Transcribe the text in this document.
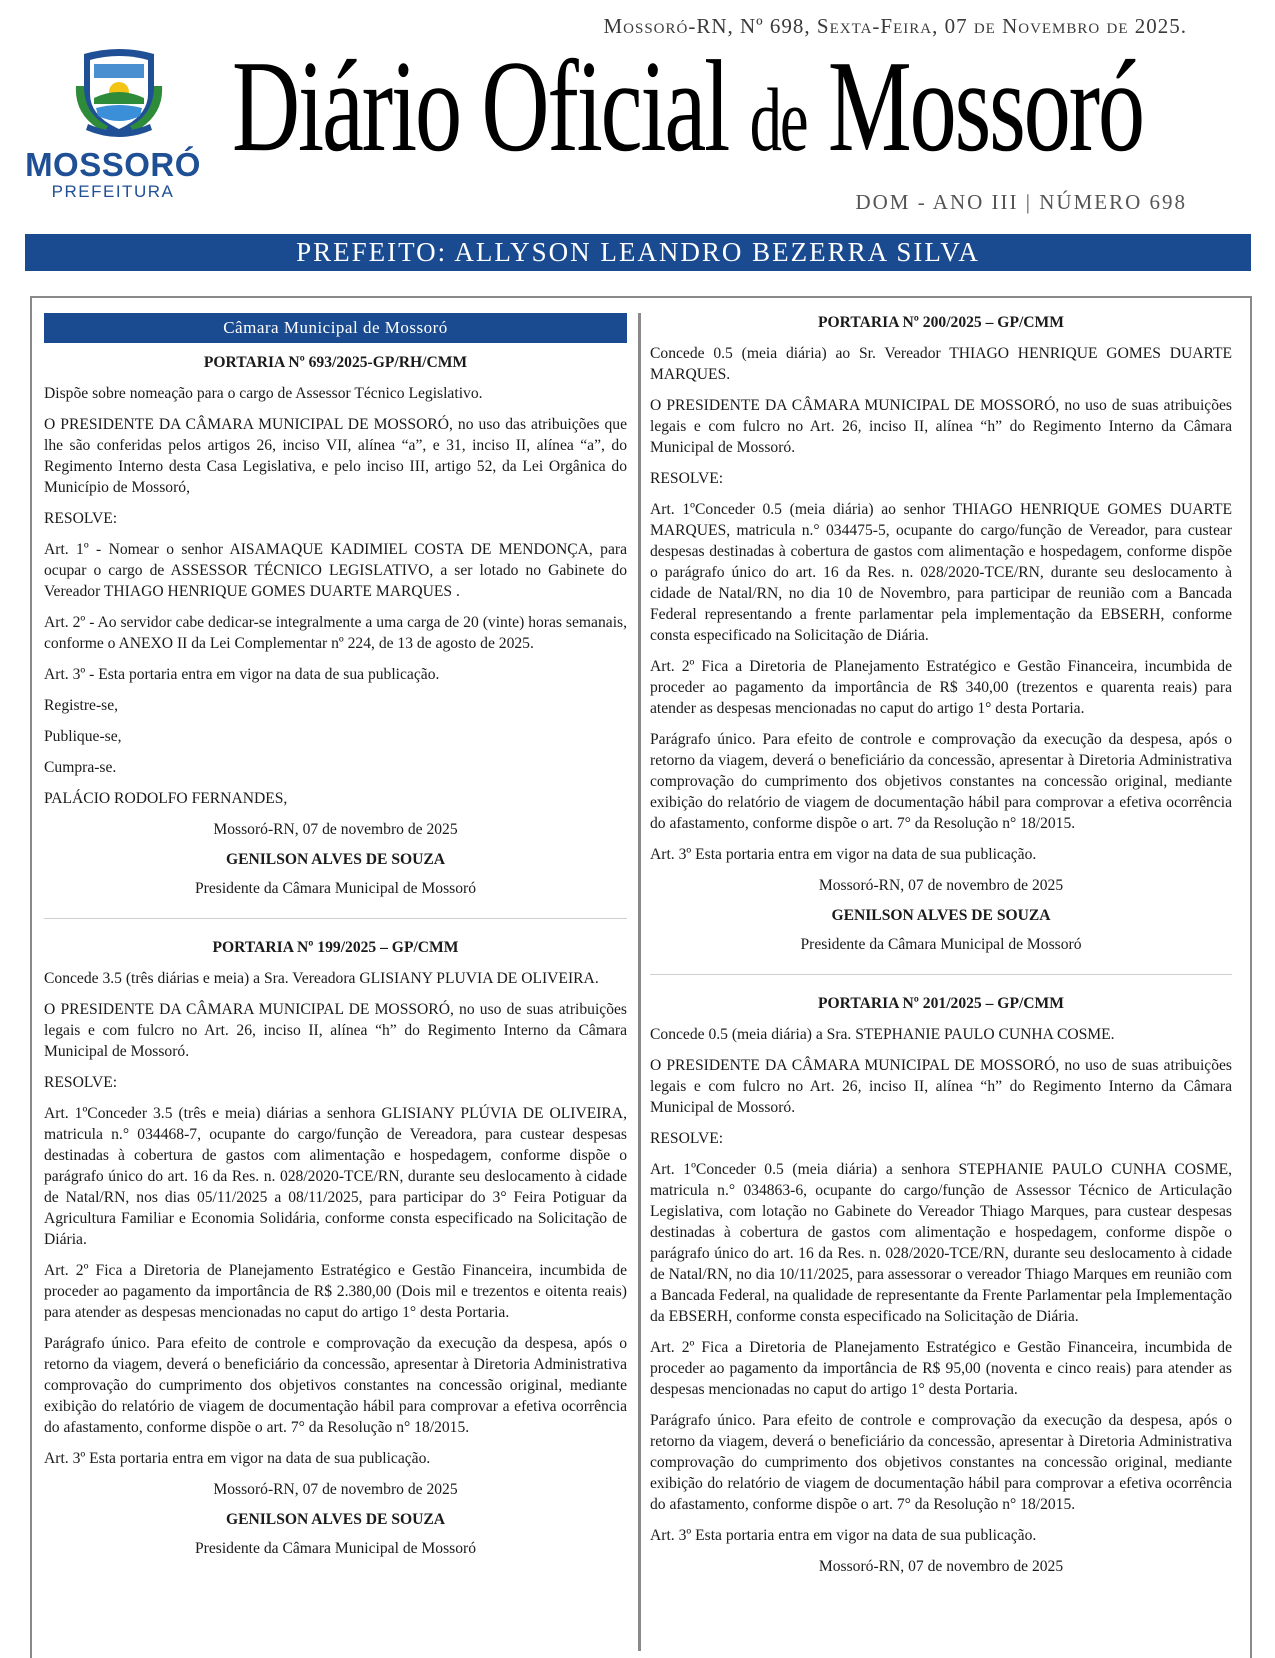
Mossoró-RN, Nº 698, Sexta-Feira, 07 de Novembro de 2025.
MOSSORÓ
PREFEITURA
Diário Oficial de Mossoró
DOM - ANO III | NÚMERO 698
PREFEITO: ALLYSON LEANDRO BEZERRA SILVA
Câmara Municipal de Mossoró

PORTARIA Nº 693/2025-GP/RH/CMM

Dispõe sobre nomeação para o cargo de Assessor Técnico Legislativo.

O PRESIDENTE DA CÂMARA MUNICIPAL DE MOSSORÓ, no uso das atribuições que lhe são conferidas pelos artigos 26, inciso VII, alínea “a”, e 31, inciso II, alínea “a”, do Regimento Interno desta Casa Legislativa, e pelo inciso III, artigo 52, da Lei Orgânica do Município de Mossoró,

RESOLVE:

Art. 1º - Nomear o senhor AISAMAQUE KADIMIEL COSTA DE MENDONÇA, para ocupar o cargo de ASSESSOR TÉCNICO LEGISLATIVO, a ser lotado no Gabinete do Vereador THIAGO HENRIQUE GOMES DUARTE MARQUES .

Art. 2º - Ao servidor cabe dedicar-se integralmente a uma carga de 20 (vinte) horas semanais, conforme o ANEXO II da Lei Complementar nº 224, de 13 de agosto de 2025.

Art. 3º - Esta portaria entra em vigor na data de sua publicação.

Registre-se,

Publique-se,

Cumpra-se.

PALÁCIO RODOLFO FERNANDES,

Mossoró-RN, 07 de novembro de 2025

GENILSON ALVES DE SOUZA

Presidente da Câmara Municipal de Mossoró

PORTARIA Nº 199/2025 – GP/CMM

Concede 3.5 (três diárias e meia) a Sra. Vereadora GLISIANY PLUVIA DE OLIVEIRA.

O PRESIDENTE DA CÂMARA MUNICIPAL DE MOSSORÓ, no uso de suas atribuições legais e com fulcro no Art. 26, inciso II, alínea “h” do Regimento Interno da Câmara Municipal de Mossoró.

RESOLVE:

Art. 1ºConceder 3.5 (três e meia) diárias a senhora GLISIANY PLÚVIA DE OLIVEIRA, matricula n.° 034468-7, ocupante do cargo/função de Vereadora, para custear despesas destinadas à cobertura de gastos com alimentação e hospedagem, conforme dispõe o parágrafo único do art. 16 da Res. n. 028/2020-TCE/RN, durante seu deslocamento à cidade de Natal/RN, nos dias 05/11/2025 a 08/11/2025, para participar do 3° Feira Potiguar da Agricultura Familiar e Economia Solidária, conforme consta especificado na Solicitação de Diária.

Art. 2º Fica a Diretoria de Planejamento Estratégico e Gestão Financeira, incumbida de proceder ao pagamento da importância de R$ 2.380,00 (Dois mil e trezentos e oitenta reais) para atender as despesas mencionadas no caput do artigo 1° desta Portaria.

Parágrafo único. Para efeito de controle e comprovação da execução da despesa, após o retorno da viagem, deverá o beneficiário da concessão, apresentar à Diretoria Administrativa comprovação do cumprimento dos objetivos constantes na concessão original, mediante exibição do relatório de viagem de documentação hábil para comprovar a efetiva ocorrência do afastamento, conforme dispõe o art. 7° da Resolução n° 18/2015.

Art. 3º Esta portaria entra em vigor na data de sua publicação.

Mossoró-RN, 07 de novembro de 2025

GENILSON ALVES DE SOUZA

Presidente da Câmara Municipal de Mossoró

PORTARIA Nº 200/2025 – GP/CMM

Concede 0.5 (meia diária) ao Sr. Vereador THIAGO HENRIQUE GOMES DUARTE MARQUES.

O PRESIDENTE DA CÂMARA MUNICIPAL DE MOSSORÓ, no uso de suas atribuições legais e com fulcro no Art. 26, inciso II, alínea “h” do Regimento Interno da Câmara Municipal de Mossoró.

RESOLVE:

Art. 1ºConceder 0.5 (meia diária) ao senhor THIAGO HENRIQUE GOMES DUARTE MARQUES, matricula n.° 034475-5, ocupante do cargo/função de Vereador, para custear despesas destinadas à cobertura de gastos com alimentação e hospedagem, conforme dispõe o parágrafo único do art. 16 da Res. n. 028/2020-TCE/RN, durante seu deslocamento à cidade de Natal/RN, no dia 10 de Novembro, para participar de reunião com a Bancada Federal representando a frente parlamentar pela implementação da EBSERH, conforme consta especificado na Solicitação de Diária.

Art. 2º Fica a Diretoria de Planejamento Estratégico e Gestão Financeira, incumbida de proceder ao pagamento da importância de R$ 340,00 (trezentos e quarenta reais) para atender as despesas mencionadas no caput do artigo 1° desta Portaria.

Parágrafo único. Para efeito de controle e comprovação da execução da despesa, após o retorno da viagem, deverá o beneficiário da concessão, apresentar à Diretoria Administrativa comprovação do cumprimento dos objetivos constantes na concessão original, mediante exibição do relatório de viagem de documentação hábil para comprovar a efetiva ocorrência do afastamento, conforme dispõe o art. 7° da Resolução n° 18/2015.

Art. 3º Esta portaria entra em vigor na data de sua publicação.

Mossoró-RN, 07 de novembro de 2025

GENILSON ALVES DE SOUZA

Presidente da Câmara Municipal de Mossoró

PORTARIA Nº 201/2025 – GP/CMM

Concede 0.5 (meia diária) a Sra. STEPHANIE PAULO CUNHA COSME.

O PRESIDENTE DA CÂMARA MUNICIPAL DE MOSSORÓ, no uso de suas atribuições legais e com fulcro no Art. 26, inciso II, alínea “h” do Regimento Interno da Câmara Municipal de Mossoró.

RESOLVE:

Art. 1ºConceder 0.5 (meia diária) a senhora STEPHANIE PAULO CUNHA COSME, matricula n.° 034863-6, ocupante do cargo/função de Assessor Técnico de Articulação Legislativa, com lotação no Gabinete do Vereador Thiago Marques, para custear despesas destinadas à cobertura de gastos com alimentação e hospedagem, conforme dispõe o parágrafo único do art. 16 da Res. n. 028/2020-TCE/RN, durante seu deslocamento à cidade de Natal/RN, no dia 10/11/2025, para assessorar o vereador Thiago Marques em reunião com a Bancada Federal, na qualidade de representante da Frente Parlamentar pela Implementação da EBSERH, conforme consta especificado na Solicitação de Diária.

Art. 2º Fica a Diretoria de Planejamento Estratégico e Gestão Financeira, incumbida de proceder ao pagamento da importância de R$ 95,00 (noventa e cinco reais) para atender as despesas mencionadas no caput do artigo 1° desta Portaria.

Parágrafo único. Para efeito de controle e comprovação da execução da despesa, após o retorno da viagem, deverá o beneficiário da concessão, apresentar à Diretoria Administrativa comprovação do cumprimento dos objetivos constantes na concessão original, mediante exibição do relatório de viagem de documentação hábil para comprovar a efetiva ocorrência do afastamento, conforme dispõe o art. 7° da Resolução n° 18/2015.

Art. 3º Esta portaria entra em vigor na data de sua publicação.

Mossoró-RN, 07 de novembro de 2025
